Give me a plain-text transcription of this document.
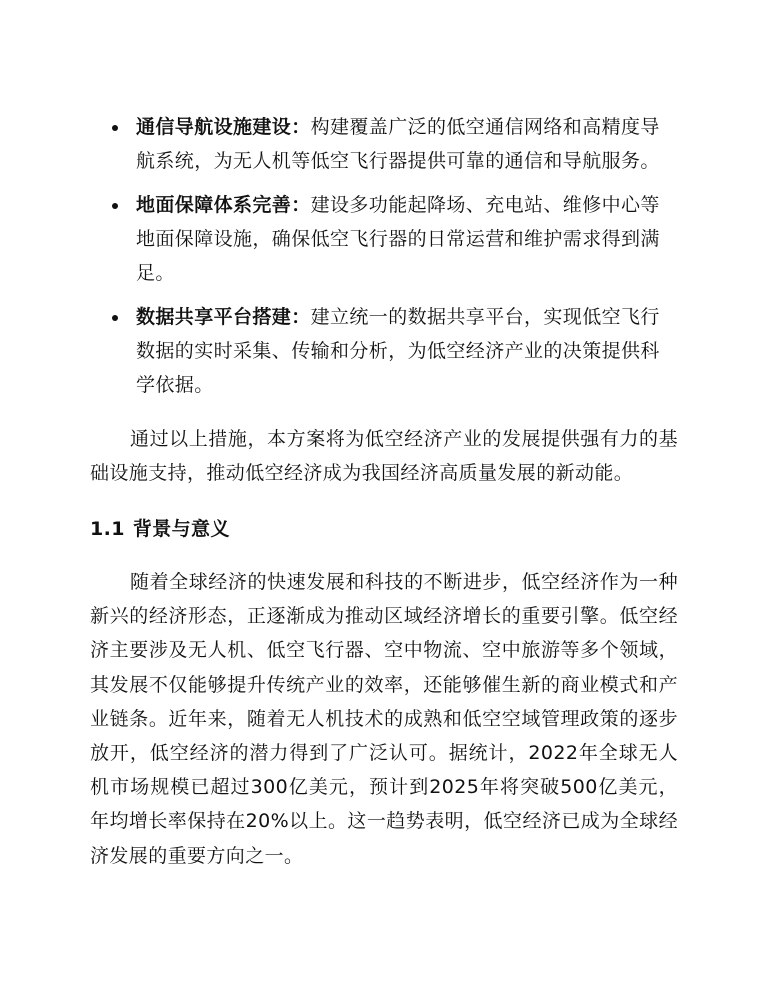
通信导航设施建设：构建覆盖广泛的低空通信网络和高精度导航系统，为无人机等低空飞行器提供可靠的通信和导航服务。
地面保障体系完善：建设多功能起降场、充电站、维修中心等地面保障设施，确保低空飞行器的日常运营和维护需求得到满足。
数据共享平台搭建：建立统一的数据共享平台，实现低空飞行数据的实时采集、传输和分析，为低空经济产业的决策提供科学依据。

通过以上措施，本方案将为低空经济产业的发展提供强有力的基础设施支持，推动低空经济成为我国经济高质量发展的新动能。

1.1 背景与意义

随着全球经济的快速发展和科技的不断进步，低空经济作为一种新兴的经济形态，正逐渐成为推动区域经济增长的重要引擎。低空经济主要涉及无人机、低空飞行器、空中物流、空中旅游等多个领域，其发展不仅能够提升传统产业的效率，还能够催生新的商业模式和产业链条。近年来，随着无人机技术的成熟和低空空域管理政策的逐步放开，低空经济的潜力得到了广泛认可。据统计，2022年全球无人机市场规模已超过300亿美元，预计到2025年将突破500亿美元，年均增长率保持在20%以上。这一趋势表明，低空经济已成为全球经济发展的重要方向之一。
